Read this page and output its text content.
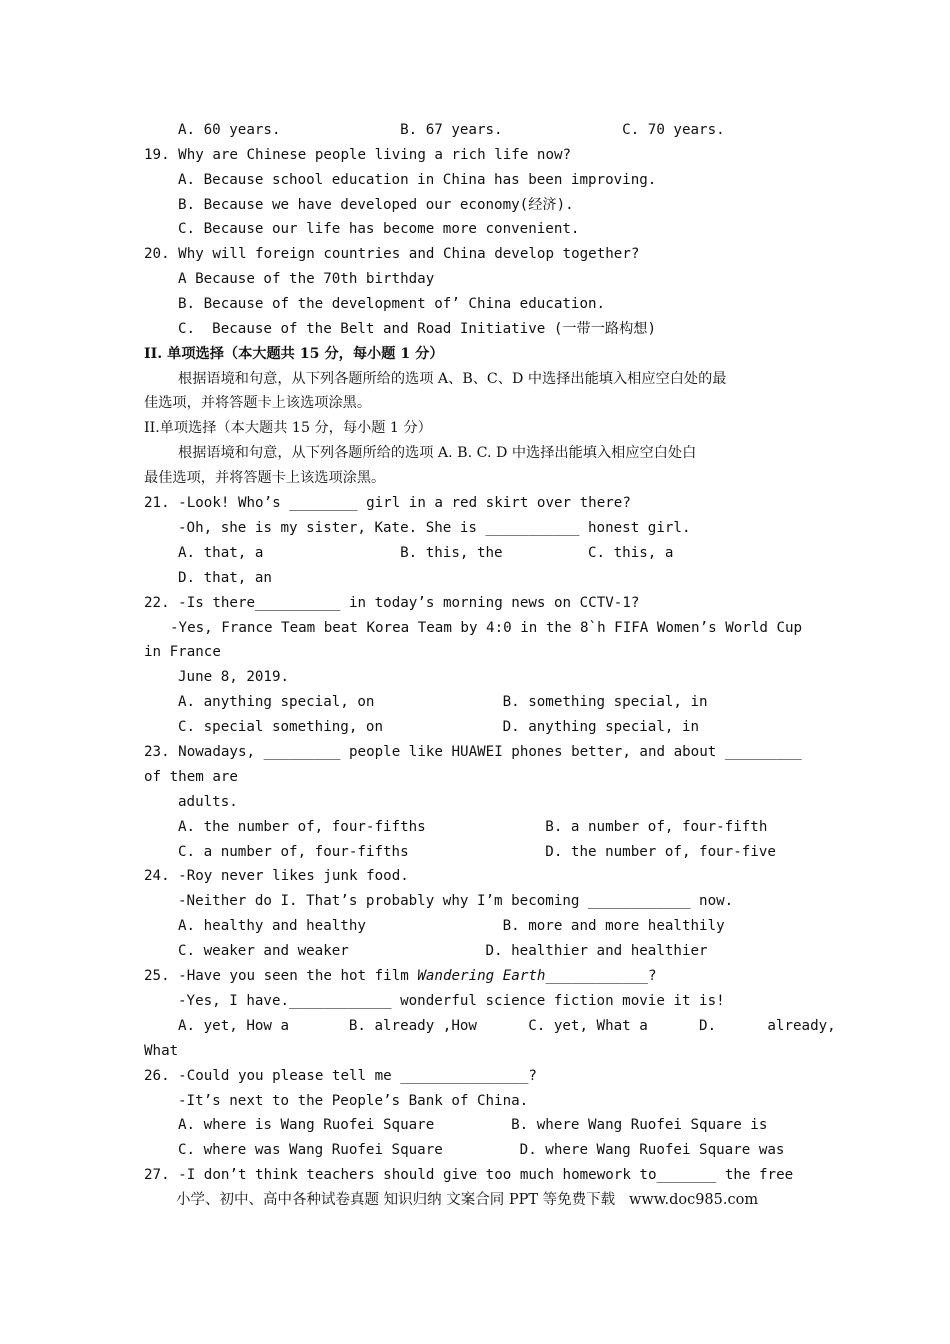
A. 60 years.              B. 67 years.              C. 70 years.
19. Why are Chinese people living a rich life now?
A. Because school education in China has been improving.
B. Because we have developed our economy(经济).
C. Because our life has become more convenient.
20. Why will foreign countries and China develop together?
A Because of the 70th birthday
B. Because of the development of’ China education.
C.  Because of the Belt and Road Initiative (一带一路构想)
II. 单项选择（本大题共 15 分，每小题 1 分）
根据语境和句意，从下列各题所给的选项 A、B、C、D 中选择出能填入相应空白处的最
佳选项，并将答题卡上该选项涂黑。
II.单项选择（本大题共 15 分，每小题 1 分）
根据语境和句意，从下列各题所给的选项 A. B. C. D 中选择出能填入相应空白处白
最佳选项，并将答题卡上该选项涂黑。
21. -Look! Who’s ________ girl in a red skirt over there?
-Oh, she is my sister, Kate. She is ___________ honest girl.
A. that, a                B. this, the          C. this, a
D. that, an
22. -Is there__________ in today’s morning news on CCTV-1?
-Yes, France Team beat Korea Team by 4:0 in the 8`h FIFA Women’s World Cup
in France
June 8, 2019.
A. anything special, on               B. something special, in
C. special something, on              D. anything special, in
23. Nowadays, _________ people like HUAWEI phones better, and about _________
of them are
adults.
A. the number of, four-fifths              B. a number of, four-fifth
C. a number of, four-fifths                D. the number of, four-five
24. -Roy never likes junk food.
-Neither do I. That’s probably why I’m becoming ____________ now.
A. healthy and healthy                B. more and more healthily
C. weaker and weaker                D. healthier and healthier
25. -Have you seen the hot film Wandering Earth____________?
-Yes, I have.____________ wonderful science fiction movie it is!
A. yet, How a       B. already ,How      C. yet, What a      D.      already,
What
26. -Could you please tell me _______________?
-It’s next to the People’s Bank of China.
A. where is Wang Ruofei Square         B. where Wang Ruofei Square is
C. where was Wang Ruofei Square         D. where Wang Ruofei Square was
27. -I don’t think teachers should give too much homework to_______ the free
小学、初中、高中各种试卷真题 知识归纳 文案合同 PPT 等免费下载   www.doc985.com
